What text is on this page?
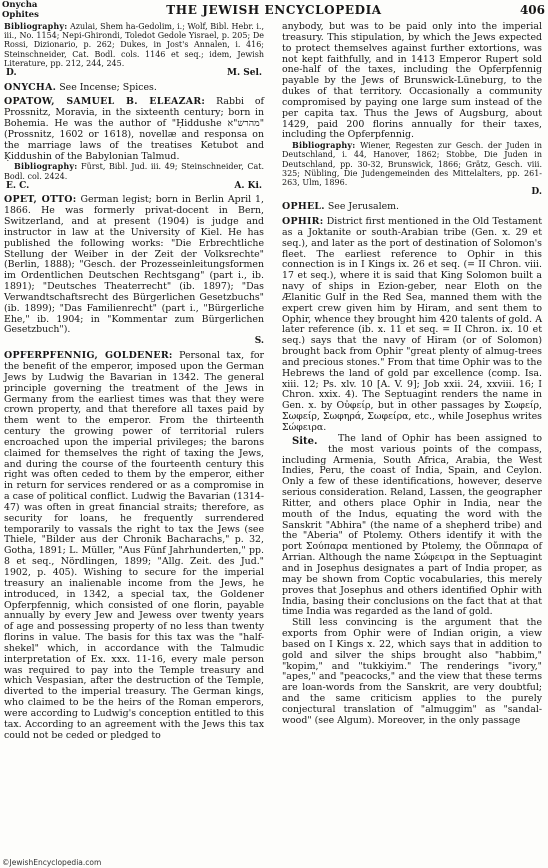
Onycha
Ophites	THE JEWISH ENCYCLOPEDIA	406

Bibliography: Azulai, Shem ha-Gedolim, i.; Wolf, Bibl. Hebr. i., iii., No. 1154; Nepi-Ghirondi, Toledot Gedole Yisrael, p. 205; De Rossi, Dizionario, p. 262; Dukes, in Jost's Annalen, i. 416; Steinschneider, Cat. Bodl. cols. 1146 et seq.; idem, Jewish Literature, pp. 212, 244, 245.

D.	M. Sel.

ONYCHA. See Incense; Spices.

OPATOW, SAMUEL B. ELEAZAR: Rabbi of Prossnitz, Moravia, in the sixteenth century; born in Bohemia. He was the author of "Ḥiddushe מהרש"א" (Prossnitz, 1602 or 1618), novellæ and responsa on the marriage laws of the treatises Ketubot and Ḳiddushin of the Babylonian Talmud.

Bibliography: Fürst, Bibl. Jud. iii. 49; Steinschneider, Cat. Bodl. col. 2424.

E. C.	A. Ki.

OPET, OTTO: German legist; born in Berlin April 1, 1866. He was formerly privat-docent in Bern, Switzerland, and at present (1904) is judge and instructor in law at the University of Kiel. He has published the following works: "Die Erbrechtliche Stellung der Weiber in der Zeit der Volksrechte" (Berlin, 1888); "Gesch. der Prozesseinleitungsformen im Ordentlichen Deutschen Rechtsgang" (part i., ib. 1891); "Deutsches Theaterrecht" (ib. 1897); "Das Verwandtschaftsrecht des Bürgerlichen Gesetzbuchs" (ib. 1899); "Das Familienrecht" (part i., "Bürgerliche Ehe," ib. 1904; in "Kommentar zum Bürgerlichen Gesetzbuch").

S.

OPFERPFENNIG, GOLDENER: Personal tax, for the benefit of the emperor, imposed upon the German Jews by Ludwig the Bavarian in 1342. The general principle governing the treatment of the Jews in Germany from the earliest times was that they were crown property, and that therefore all taxes paid by them went to the emperor. From the thirteenth century the growing power of territorial rulers encroached upon the imperial privileges; the barons claimed for themselves the right of taxing the Jews, and during the course of the fourteenth century this right was often ceded to them by the emperor, either in return for services rendered or as a compromise in a case of political conflict. Ludwig the Bavarian (1314-47) was often in great financial straits; therefore, as security for loans, he frequently surrendered temporarily to vassals the right to tax the Jews (see Thiele, "Bilder aus der Chronik Bacharachs," p. 32, Gotha, 1891; L. Müller, "Aus Fünf Jahrhunderten," pp. 8 et seq., Nördlingen, 1899; "Allg. Zeit. des Jud." 1902, p. 405). Wishing to secure for the imperial treasury an inalienable income from the Jews, he introduced, in 1342, a special tax, the Goldener Opferpfennig, which consisted of one florin, payable annually by every Jew and Jewess over twenty years of age and possessing property of no less than twenty florins in value. The basis for this tax was the "half-shekel" which, in accordance with the Talmudic interpretation of Ex. xxx. 11-16, every male person was required to pay into the Temple treasury and which Vespasian, after the destruction of the Temple, diverted to the imperial treasury. The German kings, who claimed to be the heirs of the Roman emperors, were according to Ludwig's conception entitled to this tax. According to an agreement with the Jews this tax could not be ceded or pledged to

anybody, but was to be paid only into the imperial treasury. This stipulation, by which the Jews expected to protect themselves against further extortions, was not kept faithfully, and in 1413 Emperor Rupert sold one-half of the taxes, including the Opferpfennig payable by the Jews of Brunswick-Lüneburg, to the dukes of that territory. Occasionally a community compromised by paying one large sum instead of the per capita tax. Thus the Jews of Augsburg, about 1429, paid 200 florins annually for their taxes, including the Opferpfennig.

Bibliography: Wiener, Regesten zur Gesch. der Juden in Deutschland, i. 44, Hanover, 1862; Stobbe, Die Juden in Deutschland, pp. 30-32, Brunswick, 1866; Grätz, Gesch. viii. 325; Nübling, Die Judengemeinden des Mittelalters, pp. 261-263, Ulm, 1896.

D.

OPHEL. See Jerusalem.

OPHIR: District first mentioned in the Old Testament as a Joktanite or south-Arabian tribe (Gen. x. 29 et seq.), and later as the port of destination of Solomon's fleet. The earliest reference to Ophir in this connection is in I Kings ix. 26 et seq. (= II Chron. viii. 17 et seq.), where it is said that King Solomon built a navy of ships in Ezion-geber, near Eloth on the Ælanitic Gulf in the Red Sea, manned them with the expert crew given him by Hiram, and sent them to Ophir, whence they brought him 420 talents of gold. A later reference (ib. x. 11 et seq. = II Chron. ix. 10 et seq.) says that the navy of Hiram (or of Solomon) brought back from Ophir "great plenty of almug-trees and precious stones." From that time Ophir was to the Hebrews the land of gold par excellence (comp. Isa. xiii. 12; Ps. xlv. 10 [A. V. 9]; Job xxii. 24, xxviii. 16; I Chron. xxix. 4). The Septuagint renders the name in Gen. x. by Οὐφείρ, but in other passages by Σωφείρ, Σωφείρ, Σωφηρά, Σωφείρα, etc., while Josephus writes Σώφειρα.

Site.	The land of Ophir has been assigned to the most various points of the compass, including Armenia, South Africa, Arabia, the West Indies, Peru, the coast of India, Spain, and Ceylon. Only a few of these identifications, however, deserve serious consideration. Reland, Lassen, the geographer Ritter, and others place Ophir in India, near the mouth of the Indus, equating the word with the Sanskrit "Abhira" (the name of a shepherd tribe) and the "Aberia" of Ptolemy. Others identify it with the port Σούπαρα mentioned by Ptolemy, the Οὔππαρα of Arrian. Although the name Σώφειρα in the Septuagint and in Josephus designates a part of India proper, as may be shown from Coptic vocabularies, this merely proves that Josephus and others identified Ophir with India, basing their conclusions on the fact that at that time India was regarded as the land of gold.

Still less convincing is the argument that the exports from Ophir were of Indian origin, a view based on I Kings x. 22, which says that in addition to gold and silver the ships brought also "habbim," "kopim," and "tukkiyim." The renderings "ivory," "apes," and "peacocks," and the view that these terms are loan-words from the Sanskrit, are very doubtful; and the same criticism applies to the purely conjectural translation of "almuggim" as "sandal-wood" (see Algum). Moreover, in the only passage

©JewishEncyclopedia.com
